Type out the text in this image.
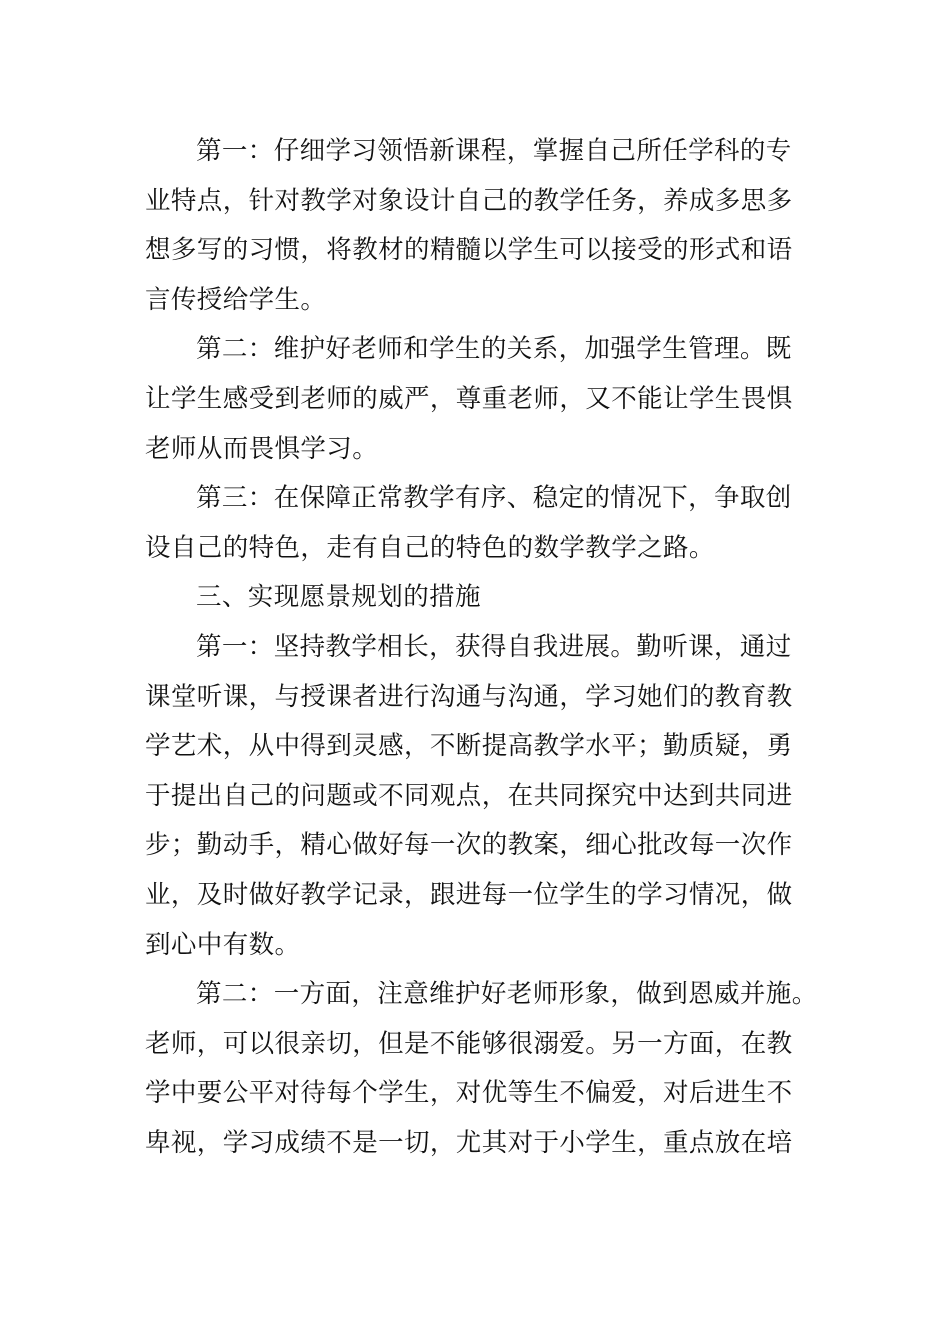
第一：仔细学习领悟新课程，掌握自己所任学科的专
业特点，针对教学对象设计自己的教学任务，养成多思多
想多写的习惯，将教材的精髓以学生可以接受的形式和语
言传授给学生。
第二：维护好老师和学生的关系，加强学生管理。既
让学生感受到老师的威严，尊重老师，又不能让学生畏惧
老师从而畏惧学习。
第三：在保障正常教学有序、稳定的情况下，争取创
设自己的特色，走有自己的特色的数学教学之路。
三、实现愿景规划的措施
第一：坚持教学相长，获得自我进展。勤听课，通过
课堂听课，与授课者进行沟通与沟通，学习她们的教育教
学艺术，从中得到灵感，不断提高教学水平；勤质疑，勇
于提出自己的问题或不同观点，在共同探究中达到共同进
步；勤动手，精心做好每一次的教案，细心批改每一次作
业，及时做好教学记录，跟进每一位学生的学习情况，做
到心中有数。
第二：一方面，注意维护好老师形象，做到恩威并施。
老师，可以很亲切，但是不能够很溺爱。另一方面，在教
学中要公平对待每个学生，对优等生不偏爱，对后进生不
卑视，学习成绩不是一切，尤其对于小学生，重点放在培
